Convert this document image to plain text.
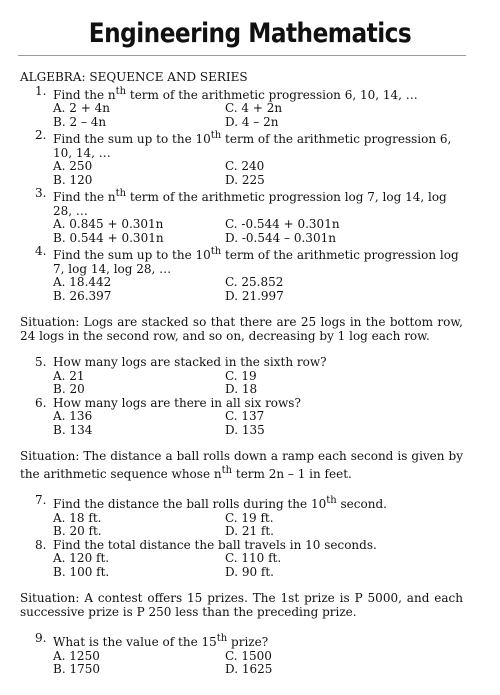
Engineering Mathematics
ALGEBRA: SEQUENCE AND SERIES
1. Find the $n^{th}$ term of the arithmetic progression 6, 10, 14, …
A. 2 + 4n	C. 4 + 2n
B. 2 – 4n	D. 4 – 2n
2. Find the sum up to the 10th term of the arithmetic progression 6, 10, 14, …
A. 250	C. 240
B. 120	D. 225
3. Find the $n^{th}$ term of the arithmetic progression log 7, log 14, log 28, …
A. 0.845 + 0.301n	C. -0.544 + 0.301n
B. 0.544 + 0.301n	D. -0.544 – 0.301n
4. Find the sum up to the 10th term of the arithmetic progression log 7, log 14, log 28, …
A. 18.442	C. 25.852
B. 26.397	D. 21.997
Situation: Logs are stacked so that there are 25 logs in the bottom row, 24 logs in the second row, and so on, decreasing by 1 log each row.
5. How many logs are stacked in the sixth row?
A. 21	C. 19
B. 20	D. 18
6. How many logs are there in all six rows?
A. 136	C. 137
B. 134	D. 135
Situation: The distance a ball rolls down a ramp each second is given by the arithmetic sequence whose $n^{th}$ term 2n – 1 in feet.
7. Find the distance the ball rolls during the 10th second.
A. 18 ft.	C. 19 ft.
B. 20 ft.	D. 21 ft.
8. Find the total distance the ball travels in 10 seconds.
A. 120 ft.	C. 110 ft.
B. 100 ft.	D. 90 ft.
Situation: A contest offers 15 prizes. The 1st prize is P 5000, and each successive prize is P 250 less than the preceding prize.
9. What is the value of the 15th prize?
A. 1250	C. 1500
B. 1750	D. 1625
